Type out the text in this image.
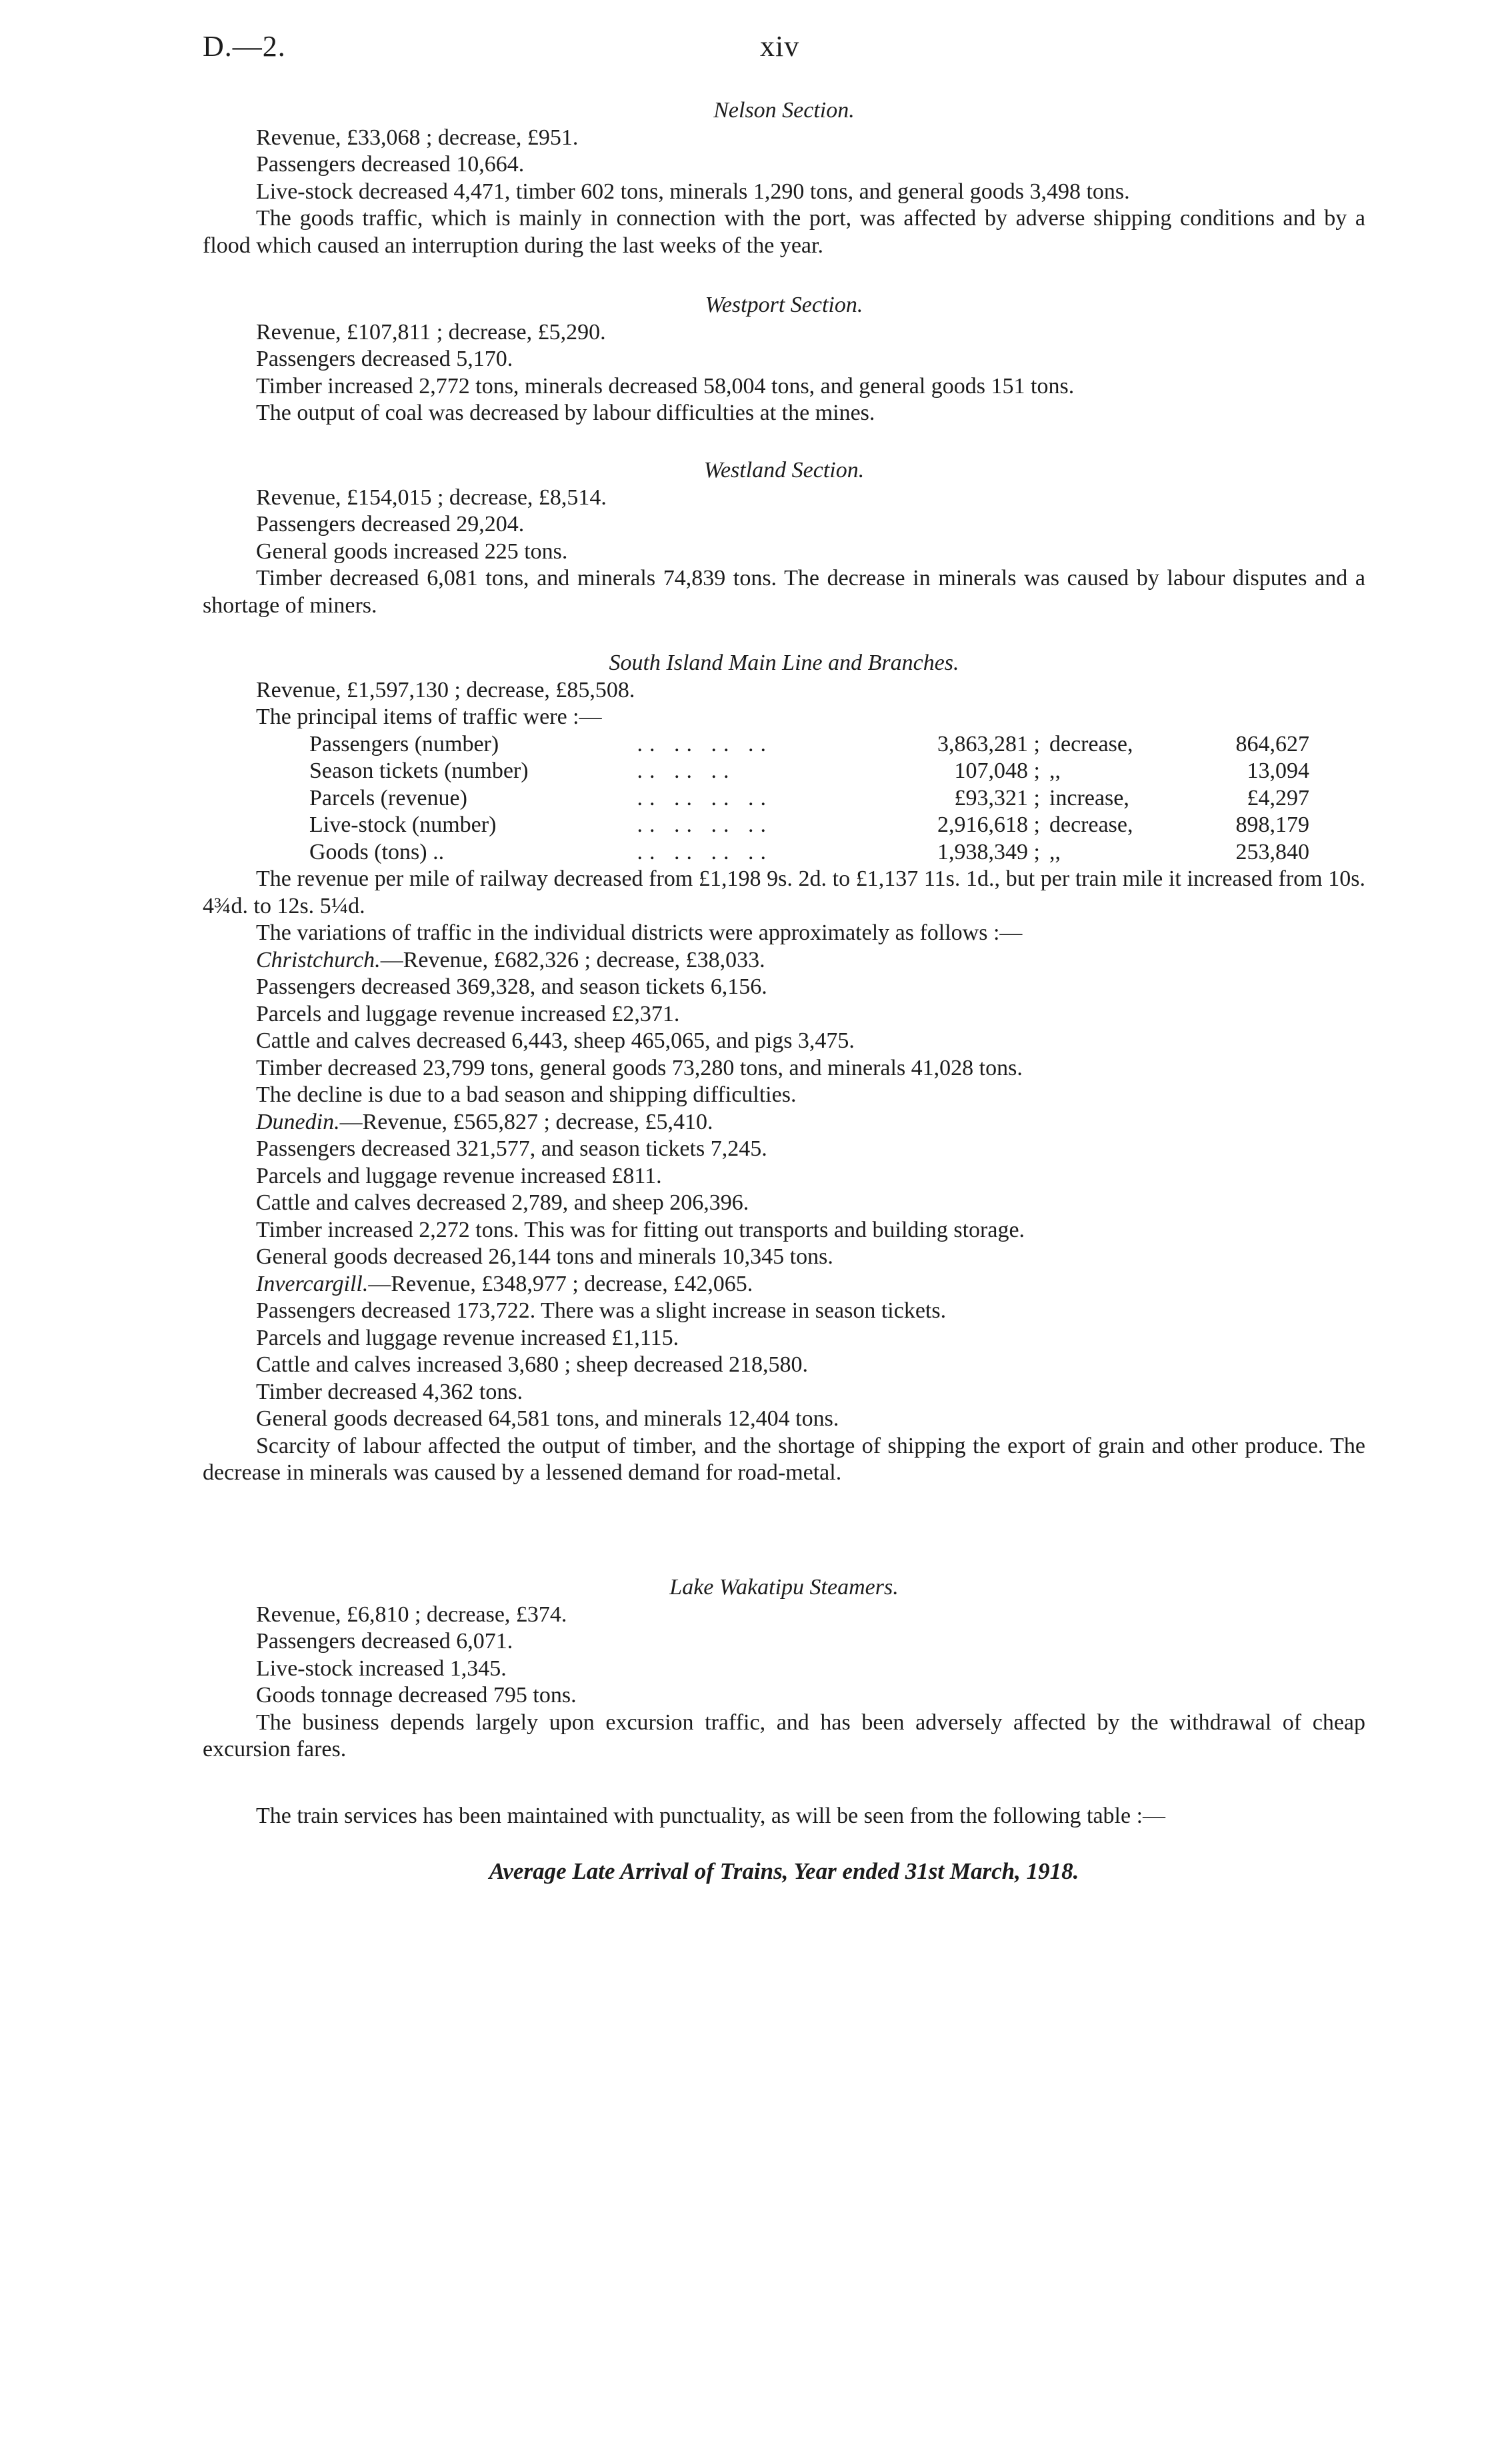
D.—2.	xiv

Nelson Section.

Revenue, £33,068 ; decrease, £951.

Passengers decreased 10,664.

Live-stock decreased 4,471, timber 602 tons, minerals 1,290 tons, and general goods 3,498 tons.

The goods traffic, which is mainly in connection with the port, was affected by adverse shipping conditions and by a flood which caused an interruption during the last weeks of the year.

Westport Section.

Revenue, £107,811 ; decrease, £5,290.

Passengers decreased 5,170.

Timber increased 2,772 tons, minerals decreased 58,004 tons, and general goods 151 tons.

The output of coal was decreased by labour difficulties at the mines.

Westland Section.

Revenue, £154,015 ; decrease, £8,514.

Passengers decreased 29,204.

General goods increased 225 tons.

Timber decreased 6,081 tons, and minerals 74,839 tons. The decrease in minerals was caused by labour disputes and a shortage of miners.

South Island Main Line and Branches.

Revenue, £1,597,130 ; decrease, £85,508.

The principal items of traffic were :—

Passengers (number)	.. .. .. ..	3,863,281 ;	decrease,	864,627
Season tickets (number)	.. .. ..	107,048 ;	,,	13,094
Parcels (revenue)	.. .. .. ..	£93,321 ;	increase,	£4,297
Live-stock (number)	.. .. .. ..	2,916,618 ;	decrease,	898,179
Goods (tons) ..	.. .. .. ..	1,938,349 ;	,,	253,840

The revenue per mile of railway decreased from £1,198 9s. 2d. to £1,137 11s. 1d., but per train mile it increased from 10s. 4¾d. to 12s. 5¼d.

The variations of traffic in the individual districts were approximately as follows :—

Christchurch.—Revenue, £682,326 ; decrease, £38,033.

Passengers decreased 369,328, and season tickets 6,156.

Parcels and luggage revenue increased £2,371.

Cattle and calves decreased 6,443, sheep 465,065, and pigs 3,475.

Timber decreased 23,799 tons, general goods 73,280 tons, and minerals 41,028 tons.

The decline is due to a bad season and shipping difficulties.

Dunedin.—Revenue, £565,827 ; decrease, £5,410.

Passengers decreased 321,577, and season tickets 7,245.

Parcels and luggage revenue increased £811.

Cattle and calves decreased 2,789, and sheep 206,396.

Timber increased 2,272 tons. This was for fitting out transports and building storage.

General goods decreased 26,144 tons and minerals 10,345 tons.

Invercargill.—Revenue, £348,977 ; decrease, £42,065.

Passengers decreased 173,722. There was a slight increase in season tickets.

Parcels and luggage revenue increased £1,115.

Cattle and calves increased 3,680 ; sheep decreased 218,580.

Timber decreased 4,362 tons.

General goods decreased 64,581 tons, and minerals 12,404 tons.

Scarcity of labour affected the output of timber, and the shortage of shipping the export of grain and other produce. The decrease in minerals was caused by a lessened demand for road-metal.

Lake Wakatipu Steamers.

Revenue, £6,810 ; decrease, £374.

Passengers decreased 6,071.

Live-stock increased 1,345.

Goods tonnage decreased 795 tons.

The business depends largely upon excursion traffic, and has been adversely affected by the withdrawal of cheap excursion fares.

The train services has been maintained with punctuality, as will be seen from the following table :—

Average Late Arrival of Trains, Year ended 31st March, 1918.
